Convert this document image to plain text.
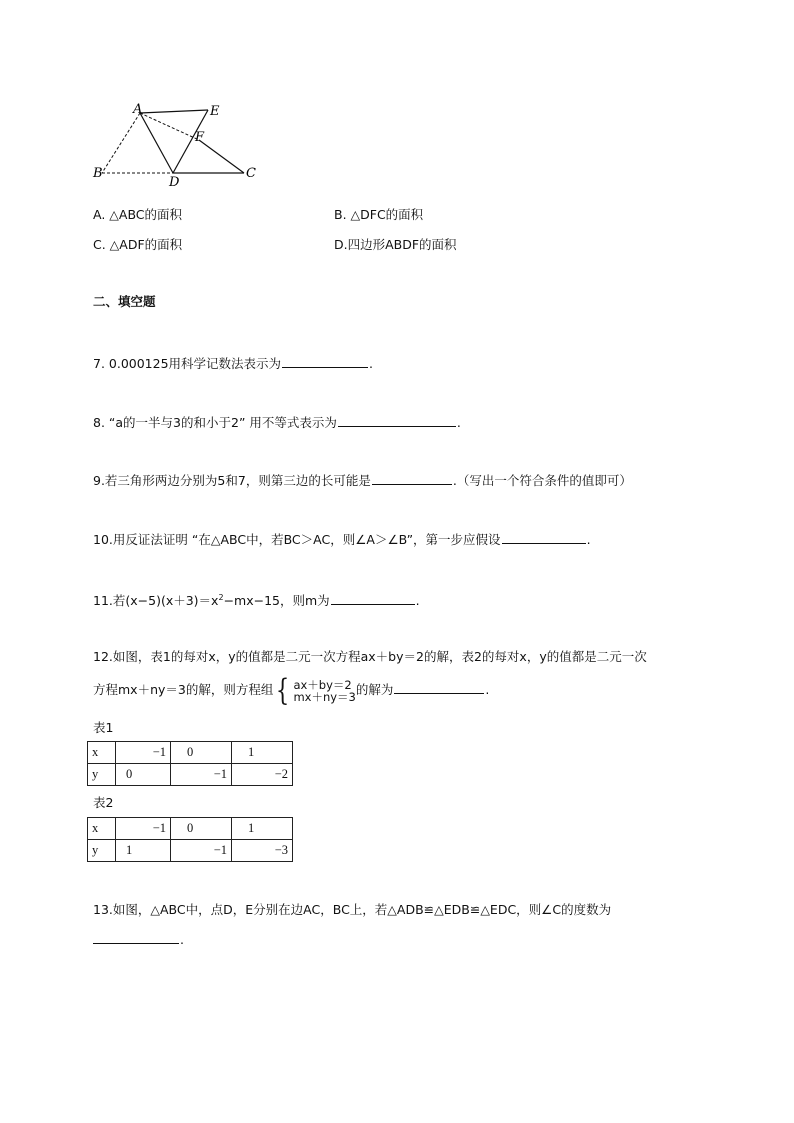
A	E
F
B
D
C
A. △ABC的面积	B. △DFC的面积
C. △ADF的面积	D.四边形ABDF的面积
二、填空题
7. 0.000125用科学记数法表示为	.
8. “a的一半与3的和小于2” 用不等式表示为	.
9.若三角形两边分别为5和7，则第三边的长可能是	.（写出一个符合条件的值即可）
10.用反证法证明 “在△ABC中，若BC＞AC，则∠A＞∠B”，第一步应假设	.
11.若$(x-5)(x+3)=x^2-mx-15$，则m为	.
12.如图，表1的每对x，y的值都是二元一次方程ax＋by＝2的解，表2的每对x，y的值都是二元一次
方程mx＋ny＝3的解，则方程组 { ax＋by＝2
mx＋ny＝3 的解为	.
表1
x	−1	0	1
y	0	−1	−2
表2
x	−1	0	1
y	1	−1	−3
13.如图，△ABC中，点D，E分别在边AC，BC上，若△ADB≌△EDB≌△EDC，则∠C的度数为
.
